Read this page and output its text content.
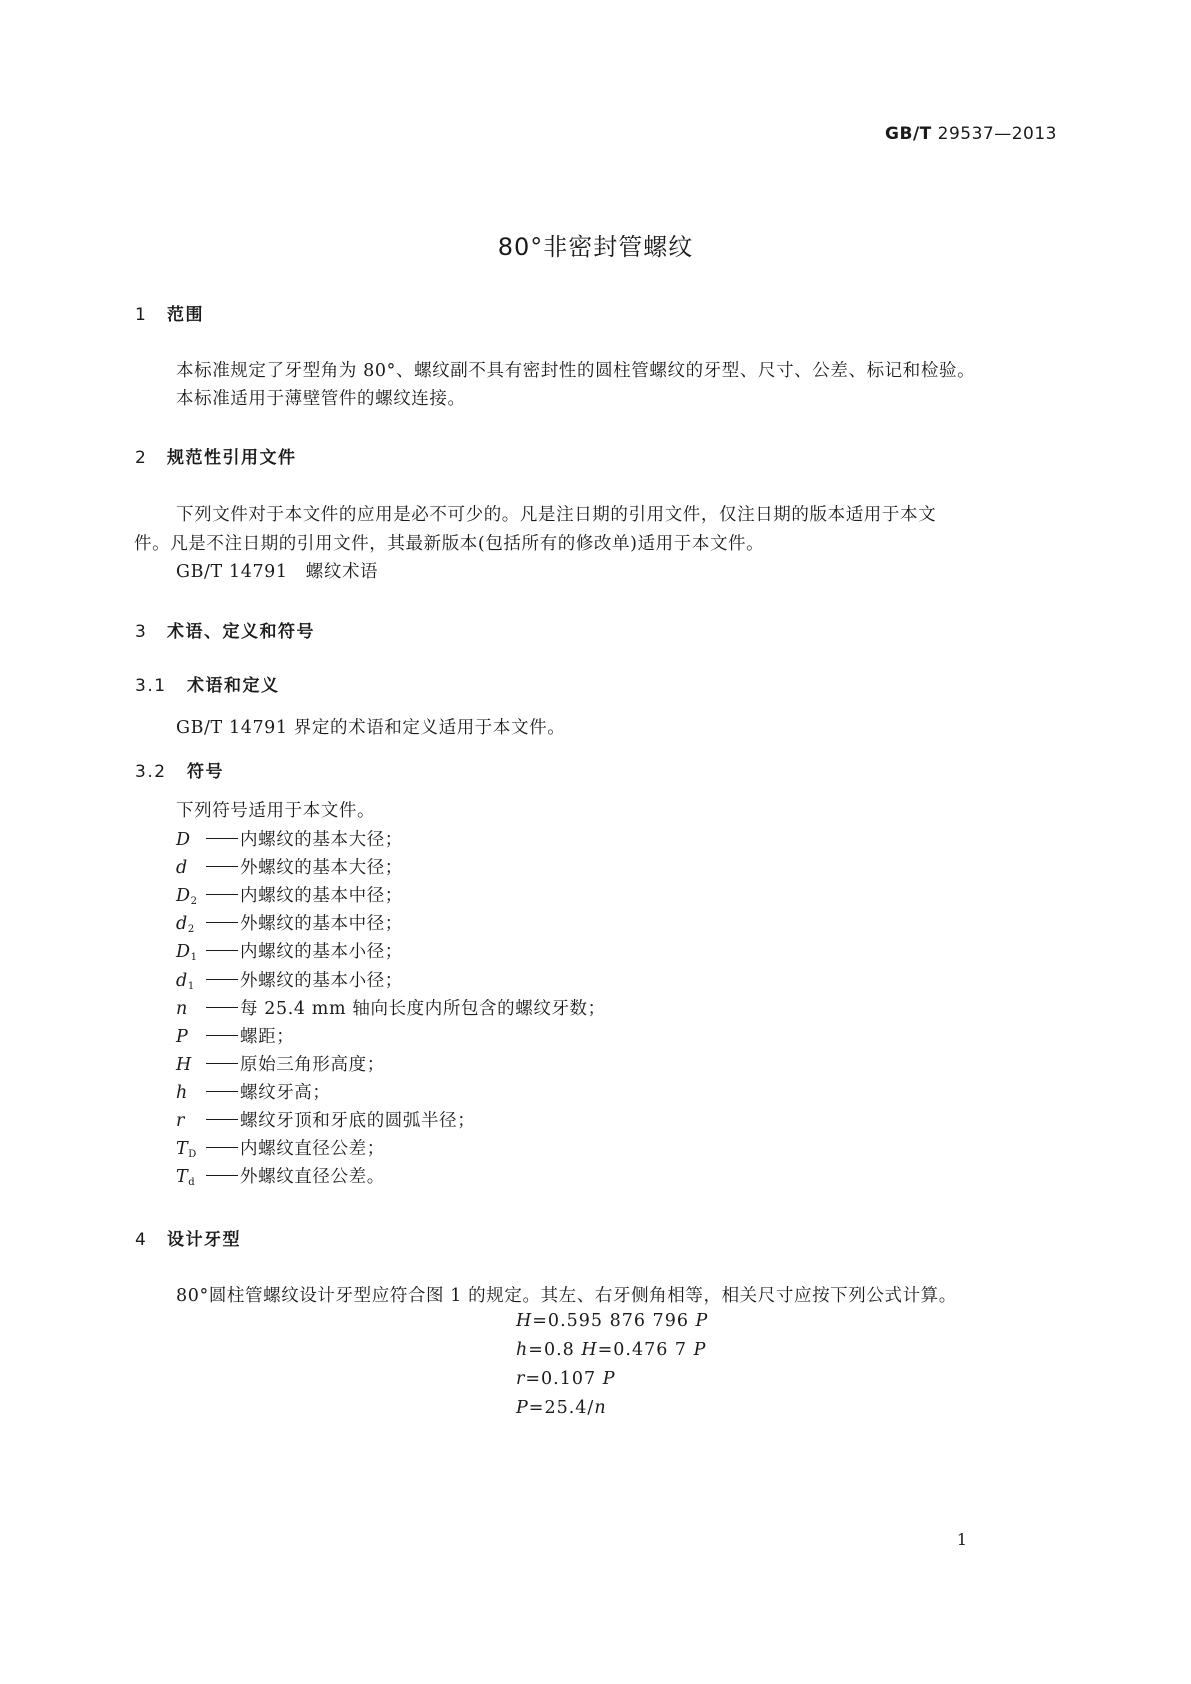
GB/T 29537—2013
80°非密封管螺纹
1 范围
本标准规定了牙型角为 80°、螺纹副不具有密封性的圆柱管螺纹的牙型、尺寸、公差、标记和检验。
本标准适用于薄壁管件的螺纹连接。
2 规范性引用文件
下列文件对于本文件的应用是必不可少的。凡是注日期的引用文件，仅注日期的版本适用于本文
件。凡是不注日期的引用文件，其最新版本(包括所有的修改单)适用于本文件。
GB/T 14791　螺纹术语
3 术语、定义和符号
3.1 术语和定义
GB/T 14791 界定的术语和定义适用于本文件。
3.2 符号
下列符号适用于本文件。
D	内螺纹的基本大径；
d	外螺纹的基本大径；
$D_2$ 内螺纹的基本中径；
$d_2$	外螺纹的基本中径；
$D_1$ 内螺纹的基本小径；
$d_1$	外螺纹的基本小径；
n	每 25.4 mm 轴向长度内所包含的螺纹牙数；
P	螺距；
H	原始三角形高度；
h	螺纹牙高；
r	螺纹牙顶和牙底的圆弧半径；
$T_D$ 内螺纹直径公差；
$T_d$	外螺纹直径公差。
4 设计牙型
80°圆柱管螺纹设计牙型应符合图 1 的规定。其左、右牙侧角相等，相关尺寸应按下列公式计算。
H=0.595 876 796 P
h=0.8 H=0.476 7 P
r=0.107 P
P=25.4/n
1
